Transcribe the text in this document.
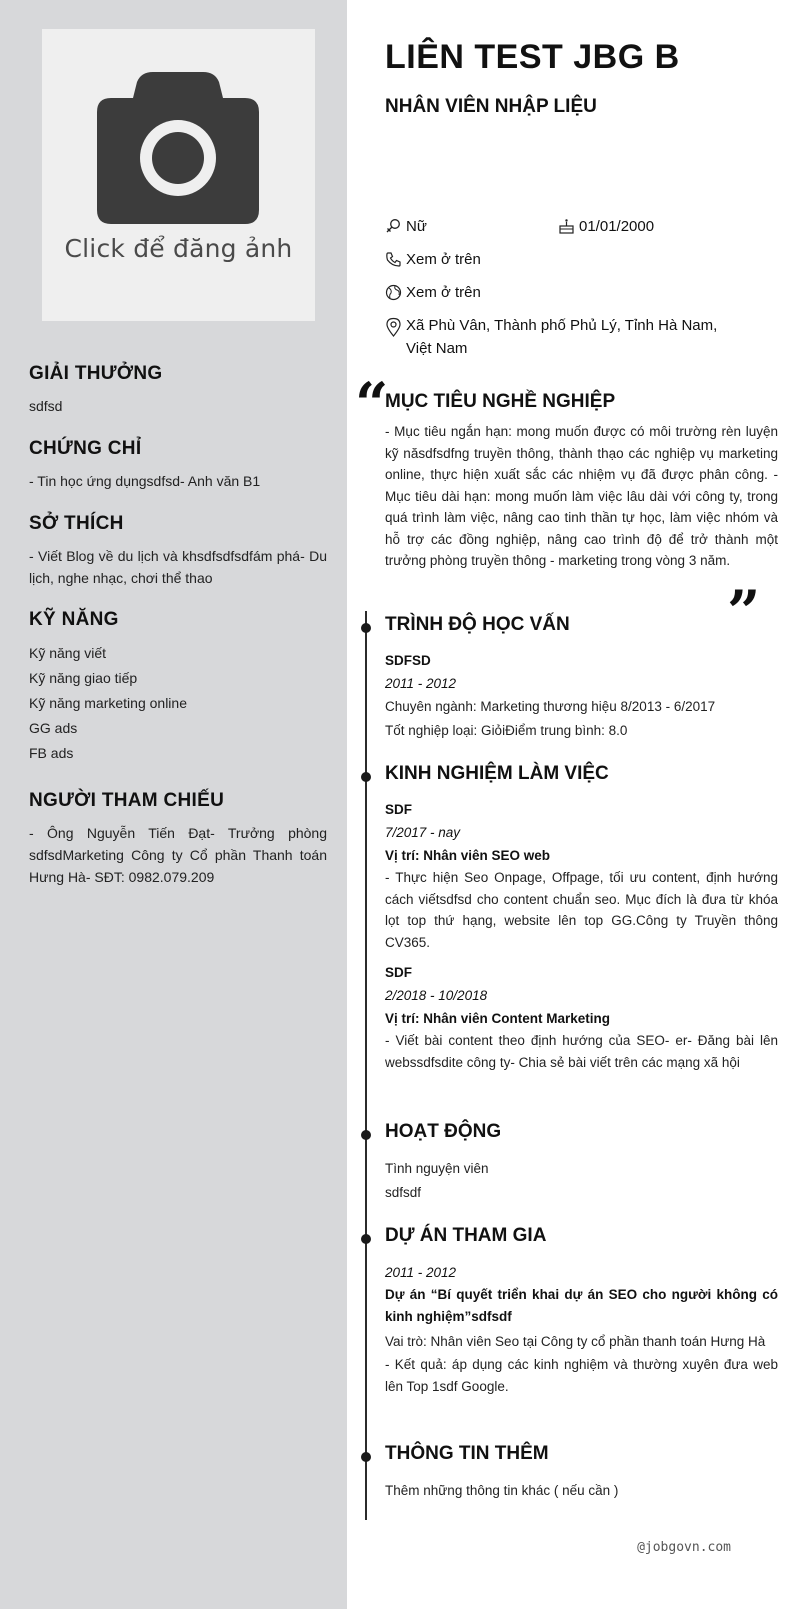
Click để đăng ảnh
GIẢI THƯỞNG

sdfsd

CHỨNG CHỈ

- Tin học ứng dụngsdfsd- Anh văn B1

SỞ THÍCH

- Viết Blog về du lịch và khsdfsdfsdfám phá- Du lịch, nghe nhạc, chơi thể thao

KỸ NĂNG
Kỹ năng viết
Kỹ năng giao tiếp
Kỹ năng marketing online
GG ads
FB ads
NGƯỜI THAM CHIẾU

- Ông Nguyễn Tiến Đạt- Trưởng phòng sdfsdMarketing Công ty Cổ phần Thanh toán Hưng Hà- SĐT: 0982.079.209

LIÊN TEST JBG B
NHÂN VIÊN NHẬP LIỆU
Nữ	01/01/2000
Xem ở trên
Xem ở trên
Xã Phù Vân, Thành phố Phủ Lý, Tỉnh Hà Nam, Việt Nam
“
”
MỤC TIÊU NGHỀ NGHIỆP

- Mục tiêu ngắn hạn: mong muốn được có môi trường rèn luyện kỹ năsdfsdfng truyền thông, thành thạo các nghiệp vụ marketing online, thực hiện xuất sắc các nhiệm vụ đã được phân công. - Mục tiêu dài hạn: mong muốn làm việc lâu dài với công ty, trong quá trình làm việc, nâng cao tinh thần tự học, làm việc nhóm và hỗ trợ các đồng nghiệp, nâng cao trình độ để trở thành một trưởng phòng truyền thông - marketing trong vòng 3 năm.

TRÌNH ĐỘ HỌC VẤN
SDFSD
2011 - 2012
Chuyên ngành: Marketing thương hiệu 8/2013 - 6/2017
Tốt nghiệp loại: GiỏiĐiểm trung bình: 8.0
KINH NGHIỆM LÀM VIỆC
SDF
7/2017 - nay
Vị trí: Nhân viên SEO web

- Thực hiện Seo Onpage, Offpage, tối ưu content, định hướng cách viếtsdfsd cho content chuẩn seo. Mục đích là đưa từ khóa lọt top thứ hạng, website lên top GG.Công ty Truyền thông CV365.

SDF
2/2018 - 10/2018
Vị trí: Nhân viên Content Marketing

- Viết bài content theo định hướng của SEO- er- Đăng bài lên webssdfsdite công ty- Chia sẻ bài viết trên các mạng xã hội

HOẠT ĐỘNG
Tình nguyện viên
sdfsdf
DỰ ÁN THAM GIA
2011 - 2012

Dự án “Bí quyết triển khai dự án SEO cho người không có kinh nghiệm”sdfsdf

Vai trò: Nhân viên Seo tại Công ty cổ phần thanh toán Hưng Hà

- Kết quả: áp dụng các kinh nghiệm và thường xuyên đưa web lên Top 1sdf Google.

THÔNG TIN THÊM
Thêm những thông tin khác ( nếu cần )
@jobgovn.com
